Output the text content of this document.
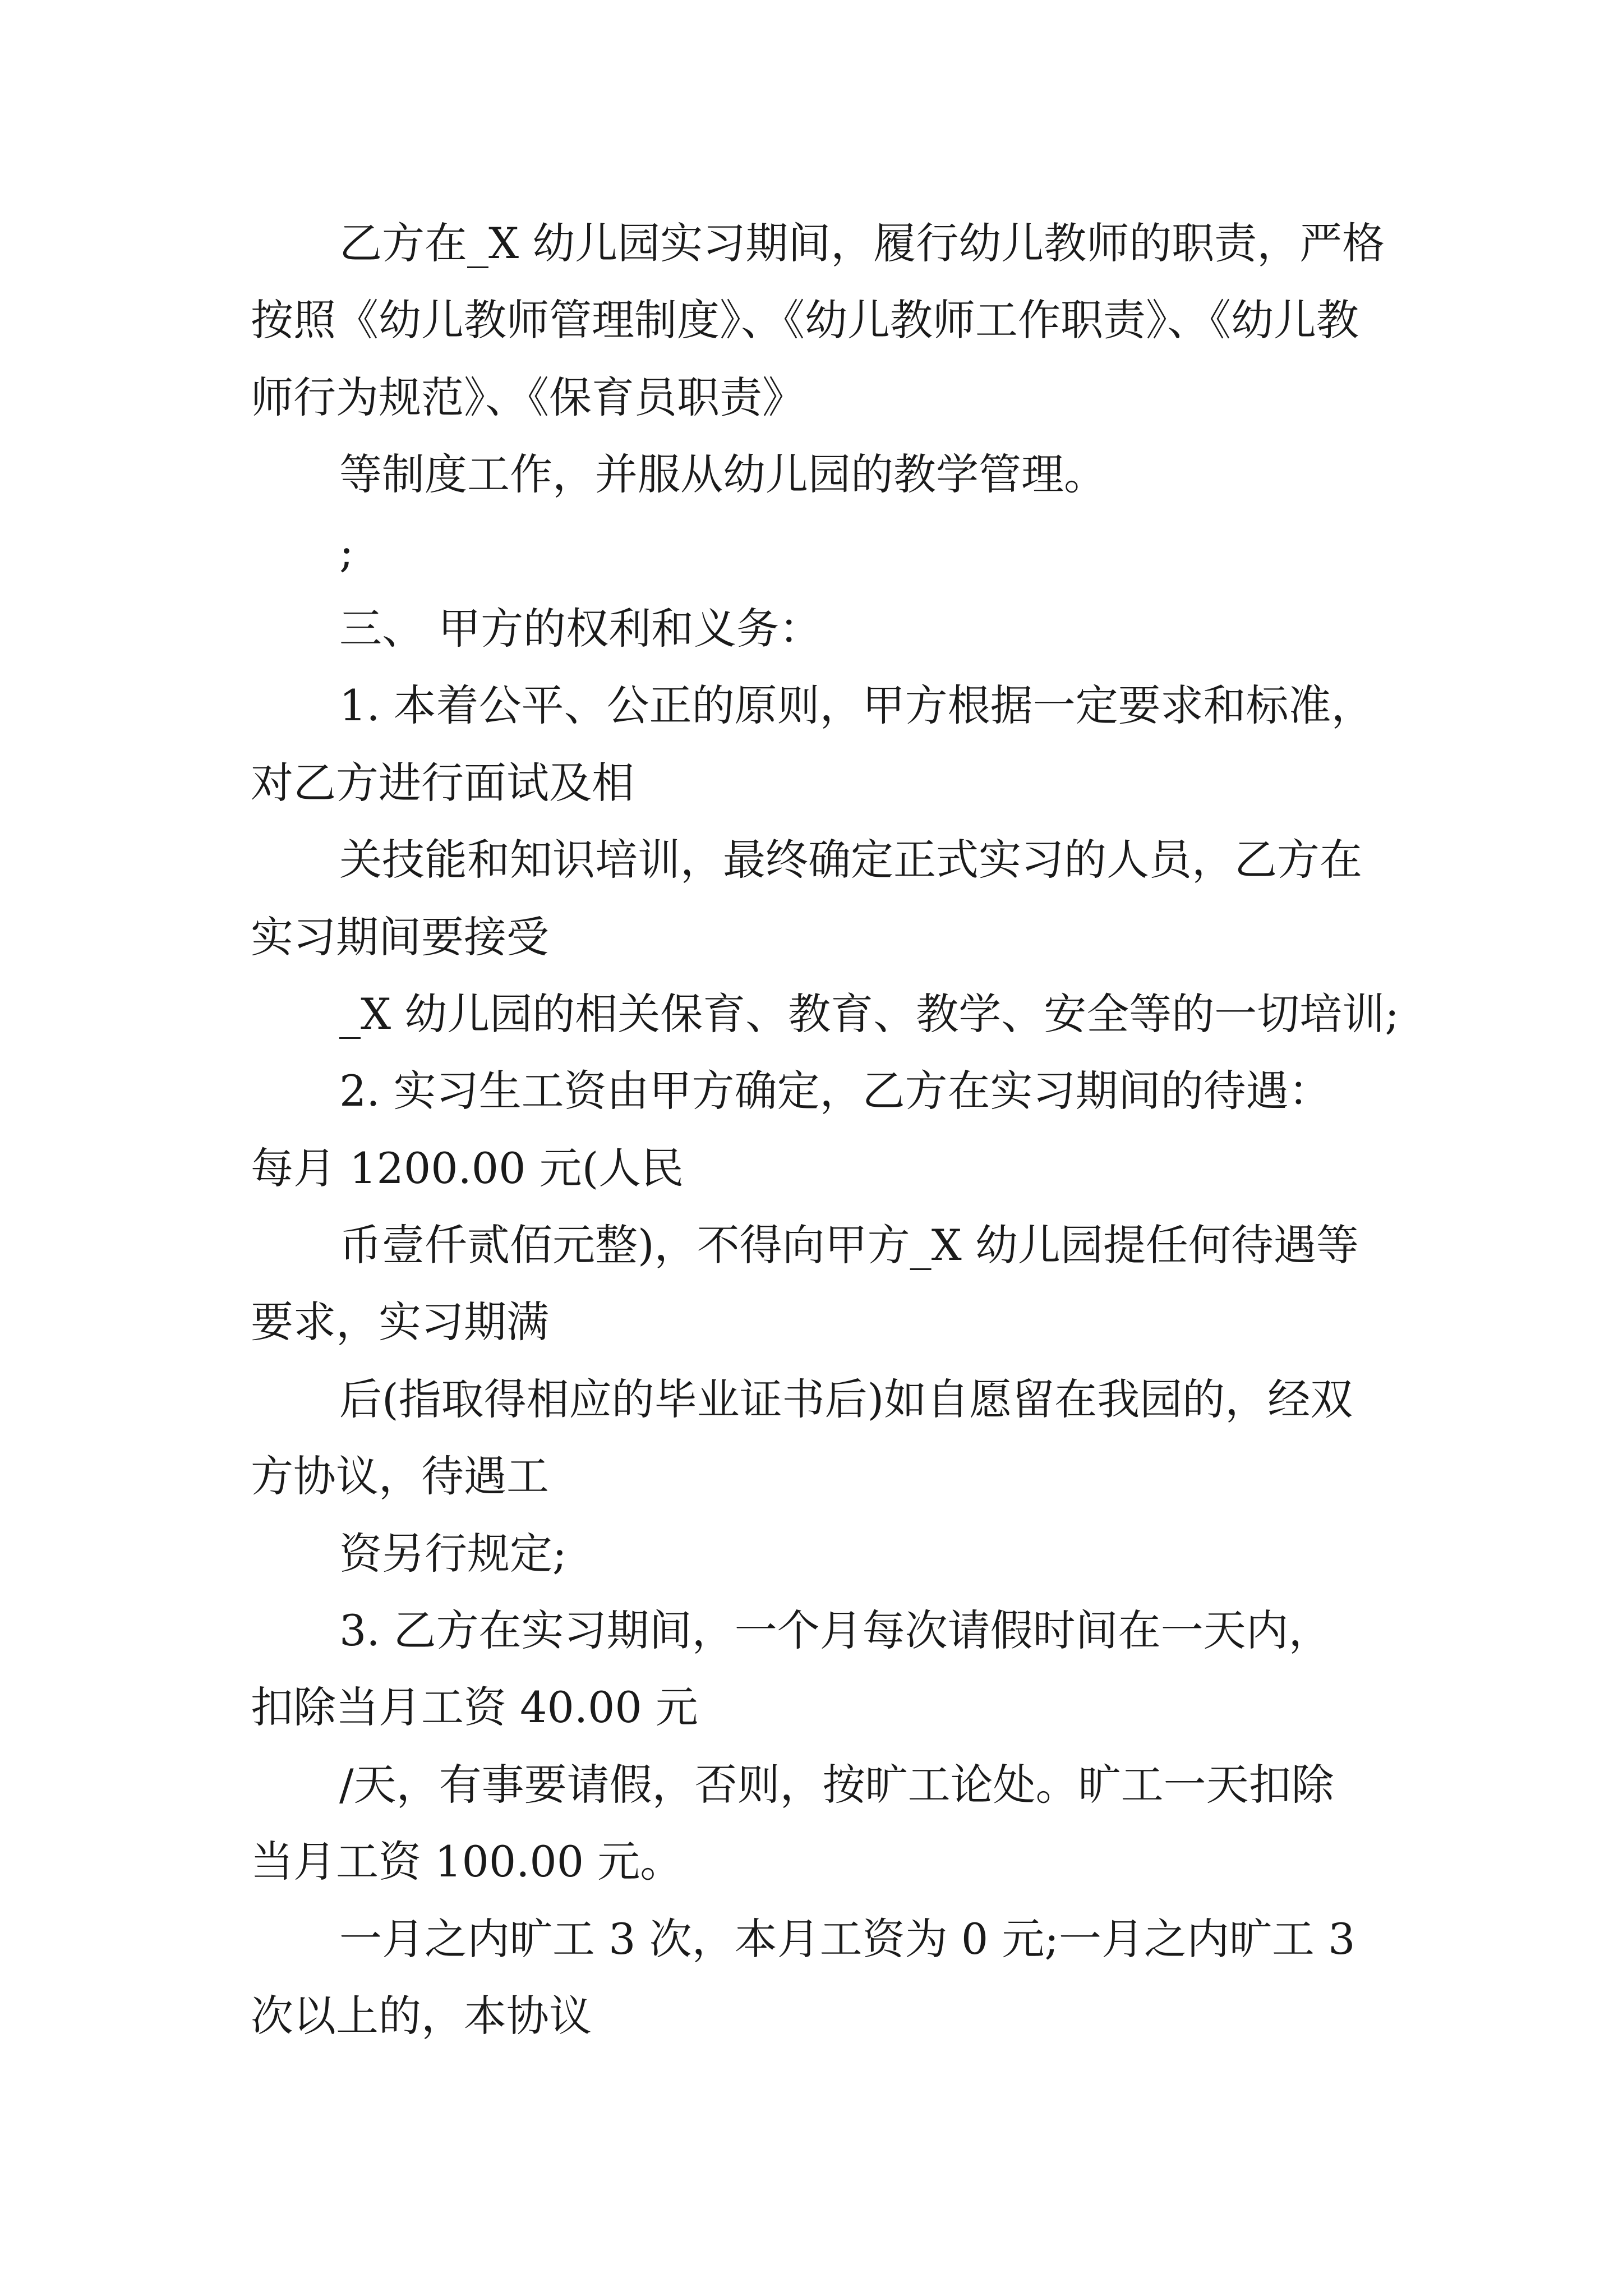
乙方在_X 幼儿园实习期间，履行幼儿教师的职责，严格
按照《幼儿教师管理制度》、《幼儿教师工作职责》、《幼儿教
师行为规范》、《保育员职责》
等制度工作，并服从幼儿园的教学管理。
;
三、 甲方的权利和义务：
1. 本着公平、公正的原则，甲方根据一定要求和标准，
对乙方进行面试及相
关技能和知识培训，最终确定正式实习的人员，乙方在
实习期间要接受
_X 幼儿园的相关保育、教育、教学、安全等的一切培训;
2. 实习生工资由甲方确定，乙方在实习期间的待遇：
每月 1200.00 元(人民
币壹仟贰佰元整)，不得向甲方_X 幼儿园提任何待遇等
要求，实习期满
后(指取得相应的毕业证书后)如自愿留在我园的，经双
方协议，待遇工
资另行规定;
3. 乙方在实习期间，一个月每次请假时间在一天内，
扣除当月工资 40.00 元
/天，有事要请假，否则，按旷工论处。旷工一天扣除
当月工资 100.00 元。
一月之内旷工 3 次，本月工资为 0 元;一月之内旷工 3
次以上的，本协议
